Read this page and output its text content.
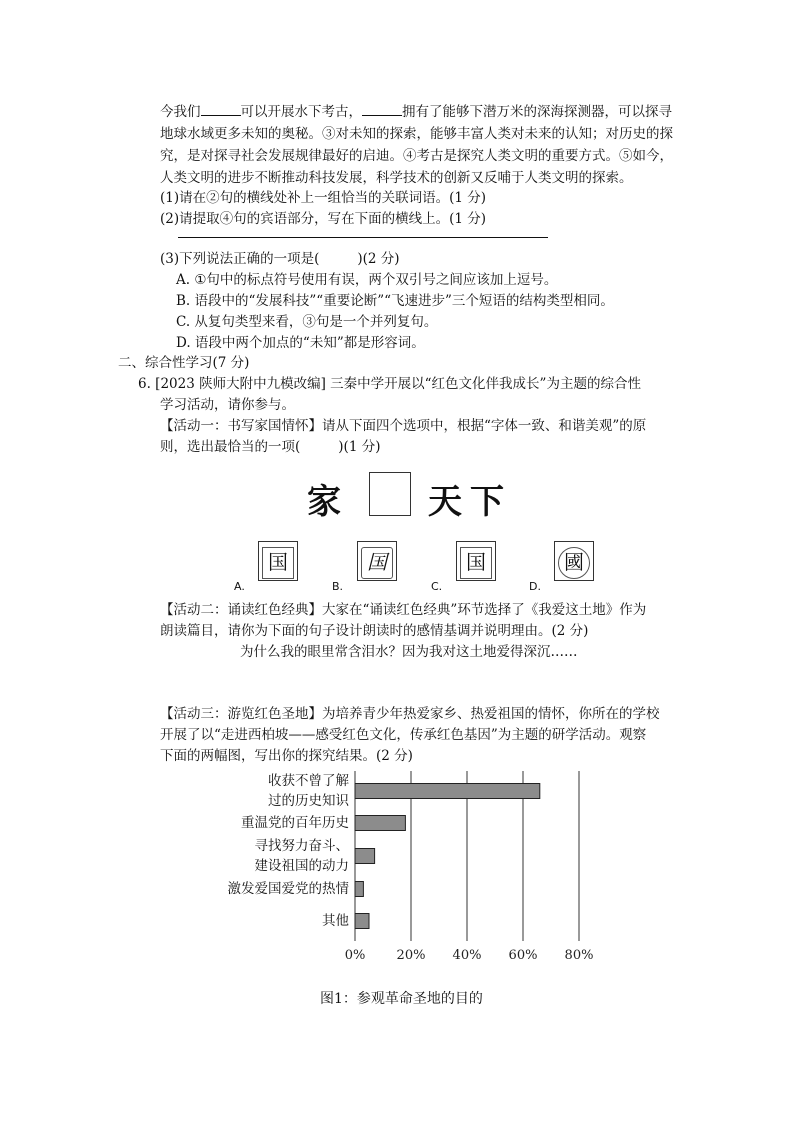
今我们	可以开展水下考古，	拥有了能够下潜万米的深海探测器，可以探寻
地球水域更多未知的奥秘。③对未知的探索，能够丰富人类对未来的认知；对历史的探
究，是对探寻社会发展规律最好的启迪。④考古是探究人类文明的重要方式。⑤如今，
人类文明的进步不断推动科技发展，科学技术的创新又反哺于人类文明的探索。
(1)请在②句的横线处补上一组恰当的关联词语。(1 分)
(2)请提取④句的宾语部分，写在下面的横线上。(1 分)
(3)下列说法正确的一项是(	)(2 分)
A. ①句中的标点符号使用有误，两个双引号之间应该加上逗号。
B. 语段中的“发展科技”“重要论断”“飞速进步”三个短语的结构类型相同。
C. 从复句类型来看，③句是一个并列复句。
D. 语段中两个加点的“未知”都是形容词。
二、综合性学习(7 分)
6. [2023 陕师大附中九模改编] 三秦中学开展以“红色文化伴我成长”为主题的综合性
学习活动，请你参与。
【活动一：书写家国情怀】请从下面四个选项中，根据“字体一致、和谐美观”的原
则，选出最恰当的一项(	)(1 分)
家	天下
国
A.
国
B.
国
C.
國
D.
【活动二：诵读红色经典】大家在“诵读红色经典”环节选择了《我爱这土地》作为
朗读篇目，请你为下面的句子设计朗读时的感情基调并说明理由。(2 分)
为什么我的眼里常含泪水？因为我对这土地爱得深沉……
【活动三：游览红色圣地】为培养青少年热爱家乡、热爱祖国的情怀，你所在的学校
开展了以“走进西柏坡——感受红色文化，传承红色基因”为主题的研学活动。观察
下面的两幅图，写出你的探究结果。(2 分)
0% 20% 40% 60% 80%
收获不曾了解
过的历史知识
重温党的百年历史
寻找努力奋斗、
建设祖国的动力
激发爱国爱党的热情
其他
图1：参观革命圣地的目的
